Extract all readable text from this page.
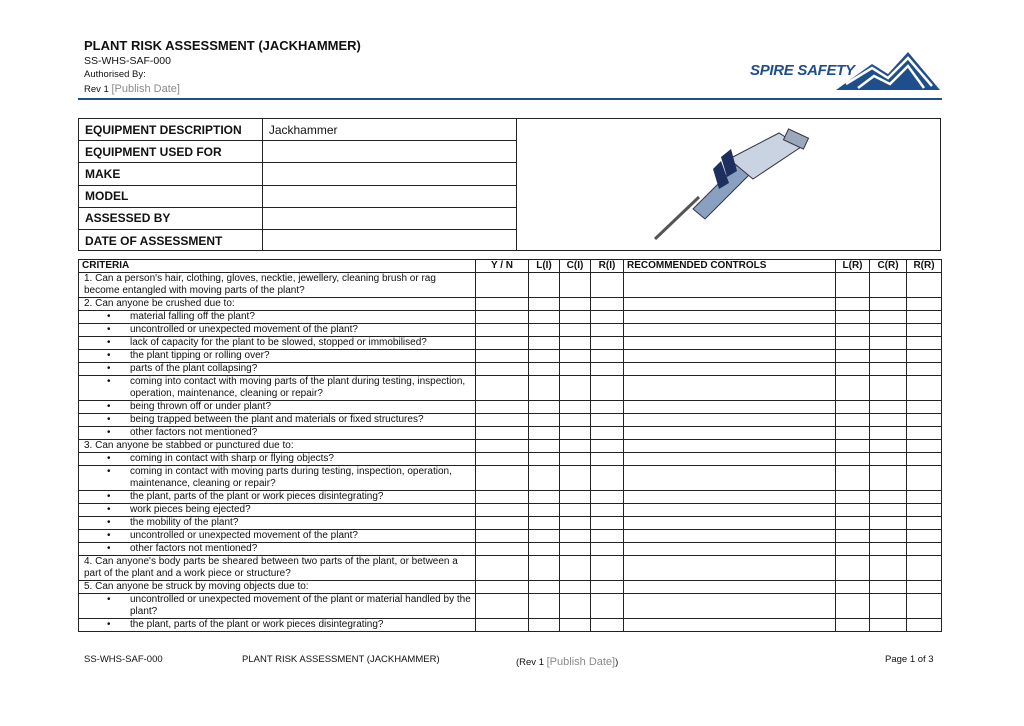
PLANT RISK ASSESSMENT (JACKHAMMER)
SS-WHS-SAF-000
Authorised By:
Rev 1 [Publish Date]
SPIRE SAFETY
EQUIPMENT DESCRIPTION	Jackhammer
EQUIPMENT USED FOR	
MAKE	
MODEL	
ASSESSED BY	
DATE OF ASSESSMENT	
CRITERIA	Y / N	L(I)	C(I)	R(I)	RECOMMENDED CONTROLS	L(R)	C(R)	R(R)
1. Can a person's hair, clothing, gloves, necktie, jewellery, cleaning brush or rag become entangled with moving parts of the plant?								
2. Can anyone be crushed due to:								
• material falling off the plant?								
• uncontrolled or unexpected movement of the plant?								
• lack of capacity for the plant to be slowed, stopped or immobilised?								
• the plant tipping or rolling over?								
• parts of the plant collapsing?								
• coming into contact with moving parts of the plant during testing, inspection, operation, maintenance, cleaning or repair?								
• being thrown off or under plant?								
• being trapped between the plant and materials or fixed structures?								
• other factors not mentioned?								
3. Can anyone be stabbed or punctured due to:								
• coming in contact with sharp or flying objects?								
• coming in contact with moving parts during testing, inspection, operation, maintenance, cleaning or repair?								
• the plant, parts of the plant or work pieces disintegrating?								
• work pieces being ejected?								
• the mobility of the plant?								
• uncontrolled or unexpected movement of the plant?								
• other factors not mentioned?								
4. Can anyone's body parts be sheared between two parts of the plant, or between a part of the plant and a work piece or structure?								
5. Can anyone be struck by moving objects due to:								
• uncontrolled or unexpected movement of the plant or material handled by the plant?								
• the plant, parts of the plant or work pieces disintegrating?								
SS-WHS-SAF-000	PLANT RISK ASSESSMENT (JACKHAMMER)	(Rev 1 [Publish Date])	Page 1 of 3
